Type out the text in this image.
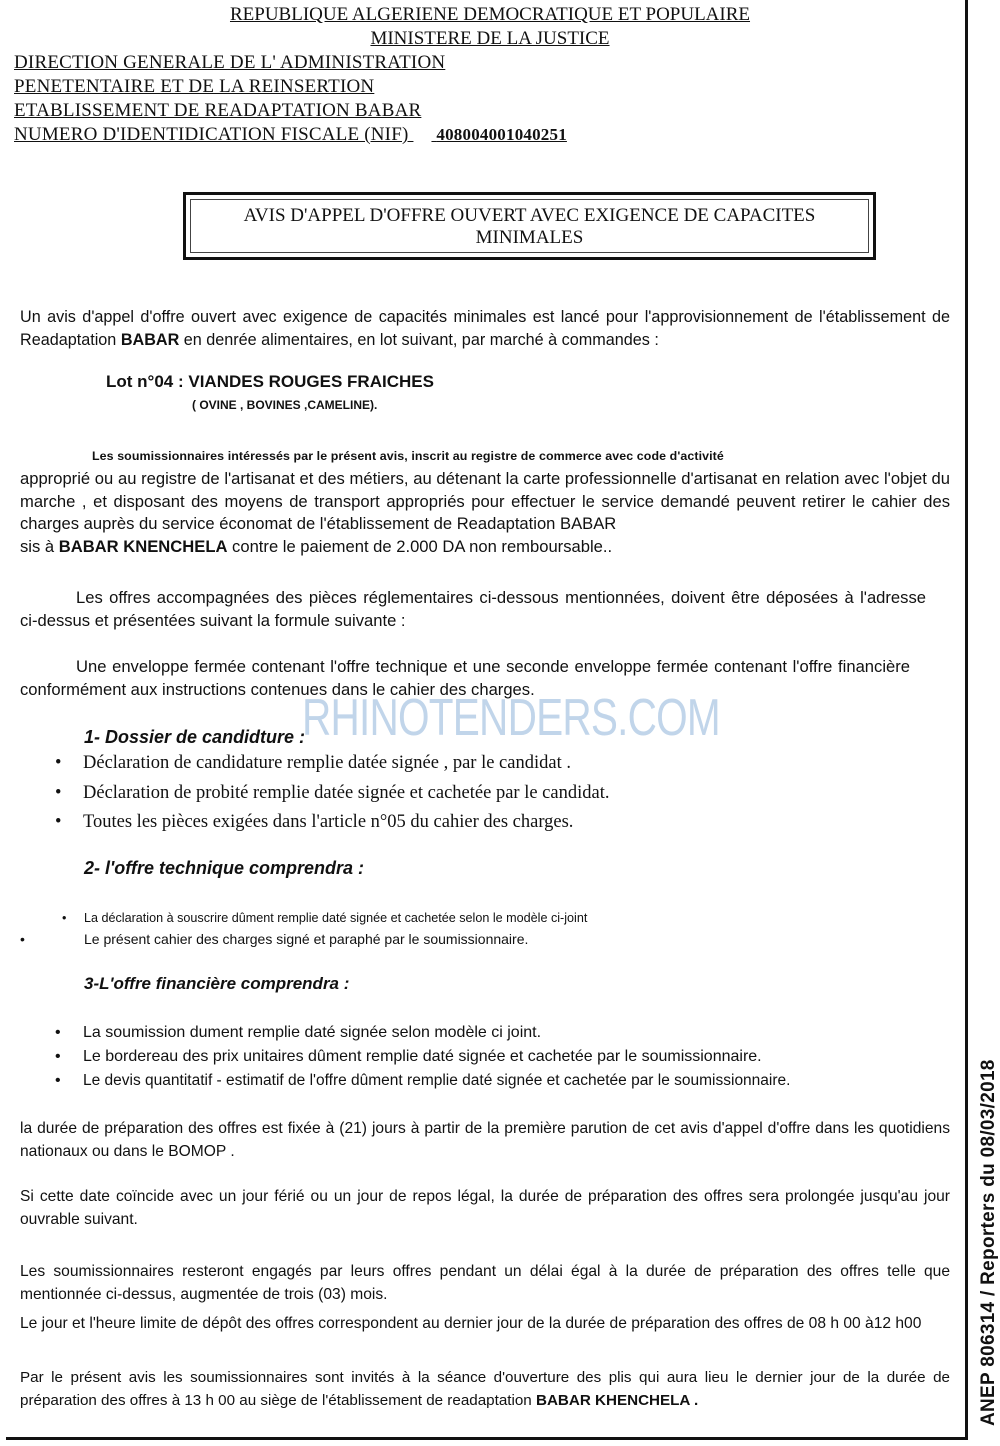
REPUBLIQUE ALGERIENE DEMOCRATIQUE ET POPULAIRE
MINISTERE DE LA JUSTICE
DIRECTION GENERALE DE L' ADMINISTRATION
PENETENTAIRE ET DE LA REINSERTION
ETABLISSEMENT DE READAPTATION BABAR
NUMERO D'IDENTIDICATION FISCALE (NIF) 408004001040251
AVIS D'APPEL D'OFFRE OUVERT AVEC EXIGENCE DE CAPACITES
MINIMALES
Un avis d'appel d'offre ouvert avec exigence de capacités minimales est lancé pour l'approvisionnement de l'établissement de Readaptation BABAR en denrée alimentaires, en lot suivant, par marché à commandes :
Lot n°04 : VIANDES ROUGES FRAICHES
( OVINE , BOVINES ,CAMELINE).
Les soumissionnaires intéressés par le présent avis, inscrit au registre de commerce avec code d'activité
approprié ou au registre de l'artisanat et des métiers, au détenant la carte professionnelle d'artisanat en relation avec l'objet du marche , et disposant des moyens de transport appropriés pour effectuer le service demandé peuvent retirer le cahier des charges auprès du service économat de l'établissement de Readaptation BABAR
sis à BABAR KNENCHELA contre le paiement de 2.000 DA non remboursable..
Les offres accompagnées des pièces réglementaires ci-dessous mentionnées, doivent être déposées à l'adresse ci-dessus et présentées suivant la formule suivante :
Une enveloppe fermée contenant l'offre technique et une seconde enveloppe fermée contenant l'offre financière conformément aux instructions contenues dans le cahier des charges.
RHINOTENDERS.COM
1- Dossier de candidture :
• Déclaration de candidature remplie datée signée , par le candidat .
• Déclaration de probité remplie datée signée et cachetée par le candidat.
• Toutes les pièces exigées dans l'article n°05 du cahier des charges.
2- l'offre technique comprendra :
• La déclaration à souscrire dûment remplie daté signée et cachetée selon le modèle ci-joint
•	Le présent cahier des charges signé et paraphé par le soumissionnaire.
3-L'offre financière comprendra :
• La soumission dument remplie daté signée selon modèle ci joint.
• Le bordereau des prix unitaires dûment remplie daté signée et cachetée par le soumissionnaire.
• Le devis quantitatif - estimatif de l'offre dûment remplie daté signée et cachetée par le soumissionnaire.
la durée de préparation des offres est fixée à (21) jours à partir de la première parution de cet avis d'appel d'offre dans les quotidiens nationaux ou dans le BOMOP .
Si cette date coïncide avec un jour férié ou un jour de repos légal, la durée de préparation des offres sera prolongée jusqu'au jour ouvrable suivant.
Les soumissionnaires resteront engagés par leurs offres pendant un délai égal à la durée de préparation des offres telle que mentionnée ci-dessus, augmentée de trois (03) mois.
Le jour et l'heure limite de dépôt des offres correspondent au dernier jour de la durée de préparation des offres de 08 h 00 à12 h00
Par le présent avis les soumissionnaires sont invités à la séance d'ouverture des plis qui aura lieu le dernier jour de la durée de préparation des offres à 13 h 00 au siège de l'établissement de readaptation BABAR KHENCHELA .	ANEP 806314 / Reporters du 08/03/2018
